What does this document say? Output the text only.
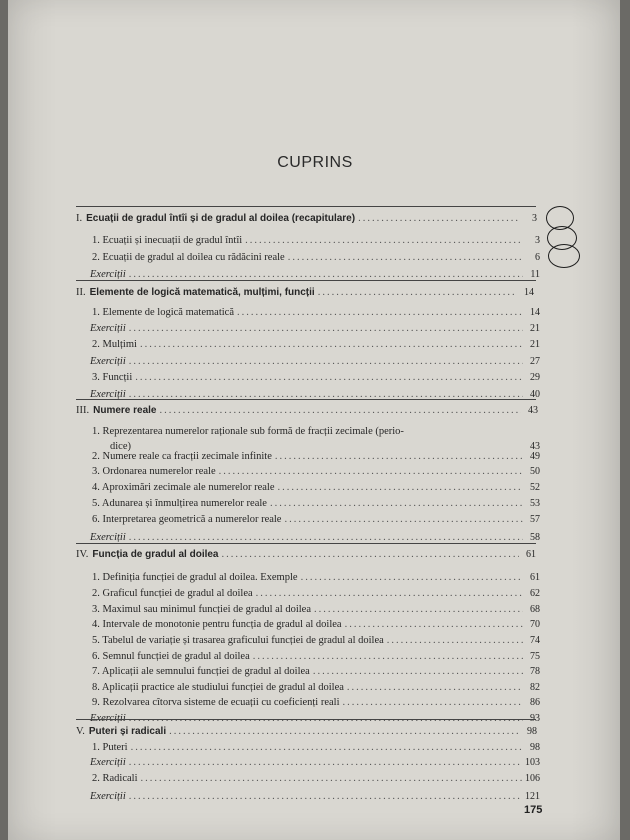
CUPRINS
I. Ecuații de gradul întîi și de gradul al doilea (recapitulare) .....	3
1. Ecuații și inecuații de gradul întîi .....	3
2. Ecuații de gradul al doilea cu rădăcini reale .....	6
Exerciții .....	11
II. Elemente de logică matematică, mulțimi, funcții .....	14
1. Elemente de logică matematică .....	14
Exerciții .....	21
2. Mulțimi .....	21
Exerciții .....	27
3. Funcții .....	29
Exerciții .....	40
III. Numere reale .....	43
1. Reprezentarea numerelor raționale sub formă de fracții zecimale (perio-
dice)	43
2. Numere reale ca fracții zecimale infinite .....	49
3. Ordonarea numerelor reale .....	50
4. Aproximări zecimale ale numerelor reale .....	52
5. Adunarea și înmulțirea numerelor reale .....	53
6. Interpretarea geometrică a numerelor reale .....	57
Exerciții .....	58
IV. Funcția de gradul al doilea .....	61
1. Definiția funcției de gradul al doilea. Exemple .....	61
2. Graficul funcției de gradul al doilea .....	62
3. Maximul sau minimul funcției de gradul al doilea .....	68
4. Intervale de monotonie pentru funcția de gradul al doilea .....	70
5. Tabelul de variație și trasarea graficului funcției de gradul al doilea .....	74
6. Semnul funcției de gradul al doilea .....	75
7. Aplicații ale semnului funcției de gradul al doilea .....	78
8. Aplicații practice ale studiului funcției de gradul al doilea .....	82
9. Rezolvarea cîtorva sisteme de ecuații cu coeficienți reali .....	86
Exerciții .....	93
V. Puteri și radicali .....	98
1. Puteri .....	98
Exerciții .....	103
2. Radicali .....	106
Exerciții .....	121
175
